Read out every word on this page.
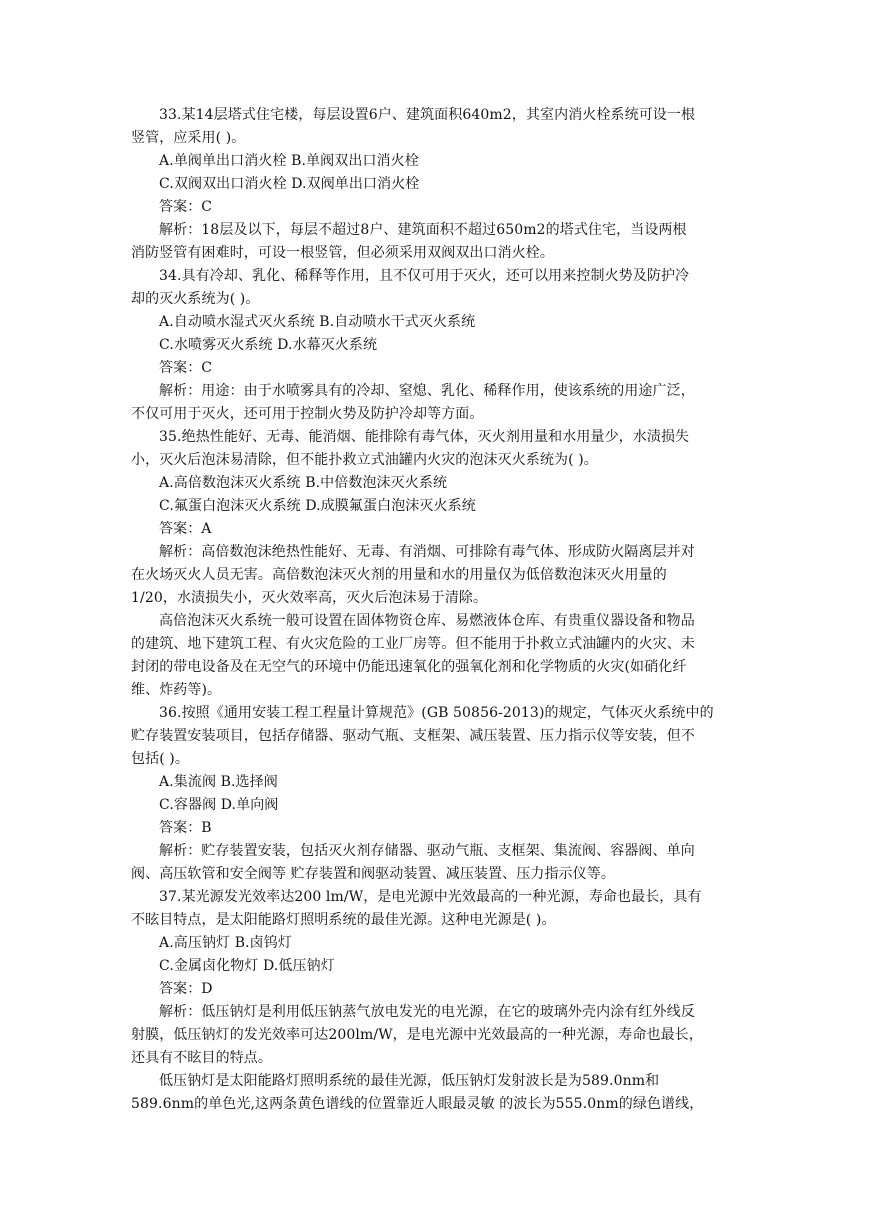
33.某14层塔式住宅楼，每层设置6户、建筑面积640m2，其室内消火栓系统可设一根
竖管，应采用( )。
A.单阀单出口消火栓 B.单阀双出口消火栓
C.双阀双出口消火栓 D.双阀单出口消火栓
答案：C
解析：18层及以下，每层不超过8户、建筑面积不超过650m2的塔式住宅，当设两根
消防竖管有困难时，可设一根竖管，但必须采用双阀双出口消火栓。
34.具有冷却、乳化、稀释等作用，且不仅可用于灭火，还可以用来控制火势及防护冷
却的灭火系统为( )。
A.自动喷水湿式灭火系统 B.自动喷水干式灭火系统
C.水喷雾灭火系统 D.水幕灭火系统
答案：C
解析：用途：由于水喷雾具有的冷却、窒熄、乳化、稀释作用，使该系统的用途广泛，
不仅可用于灭火，还可用于控制火势及防护冷却等方面。
35.绝热性能好、无毒、能消烟、能排除有毒气体，灭火剂用量和水用量少，水渍损失
小，灭火后泡沫易清除，但不能扑救立式油罐内火灾的泡沫灭火系统为( )。
A.高倍数泡沫灭火系统 B.中倍数泡沫灭火系统
C.氟蛋白泡沫灭火系统 D.成膜氟蛋白泡沫灭火系统
答案：A
解析：高倍数泡沫绝热性能好、无毒、有消烟、可排除有毒气体、形成防火隔离层并对
在火场灭火人员无害。高倍数泡沫灭火剂的用量和水的用量仅为低倍数泡沫灭火用量的
1/20，水渍损失小，灭火效率高，灭火后泡沫易于清除。
高倍泡沫灭火系统一般可设置在固体物资仓库、易燃液体仓库、有贵重仪器设备和物品
的建筑、地下建筑工程、有火灾危险的工业厂房等。但不能用于扑救立式油罐内的火灾、未
封闭的带电设备及在无空气的环境中仍能迅速氧化的强氧化剂和化学物质的火灾(如硝化纤
维、炸药等)。
36.按照《通用安装工程工程量计算规范》(GB 50856-2013)的规定，气体灭火系统中的
贮存装置安装项目，包括存储器、驱动气瓶、支框架、减压装置、压力指示仪等安装，但不
包括( )。
A.集流阀 B.选择阀
C.容器阀 D.单向阀
答案：B
解析：贮存装置安装，包括灭火剂存储器、驱动气瓶、支框架、集流阀、容器阀、单向
阀、高压软管和安全阀等 贮存装置和阀驱动装置、减压装置、压力指示仪等。
37.某光源发光效率达200 lm/W，是电光源中光效最高的一种光源，寿命也最长，具有
不眩目特点，是太阳能路灯照明系统的最佳光源。这种电光源是( )。
A.高压钠灯 B.卤钨灯
C.金属卤化物灯 D.低压钠灯
答案：D
解析：低压钠灯是利用低压钠蒸气放电发光的电光源，在它的玻璃外壳内涂有红外线反
射膜，低压钠灯的发光效率可达200lm/W，是电光源中光效最高的一种光源，寿命也最长，
还具有不眩目的特点。
低压钠灯是太阳能路灯照明系统的最佳光源，低压钠灯发射波长是为589.0nm和
589.6nm的单色光,这两条黄色谱线的位置靠近人眼最灵敏 的波长为555.0nm的绿色谱线，
